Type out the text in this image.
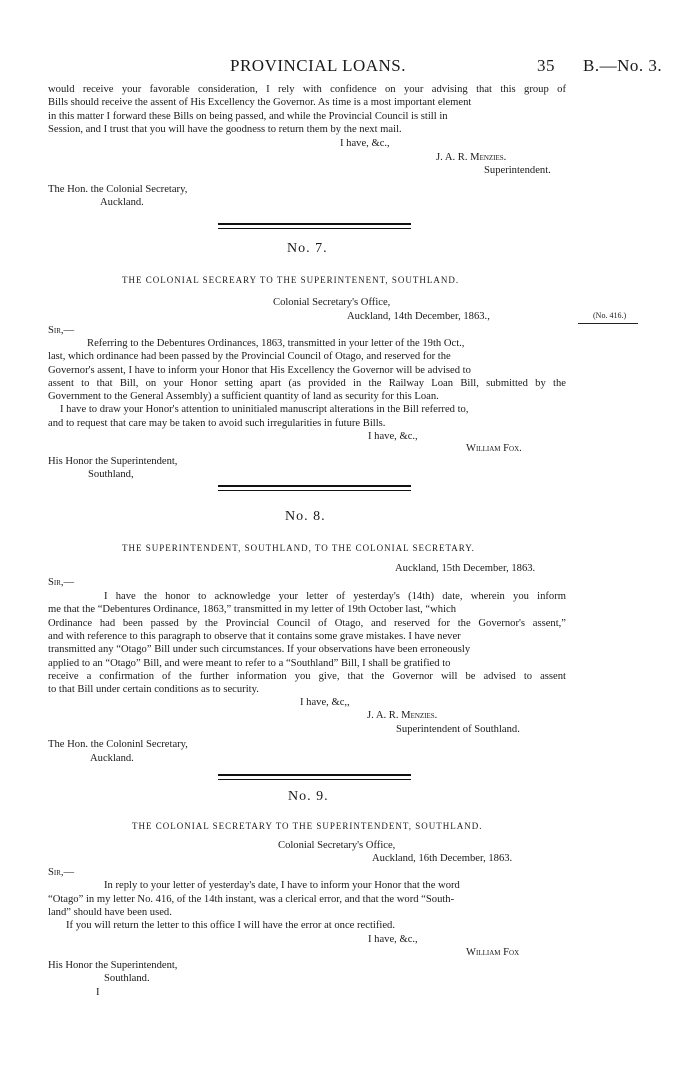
PROVINCIAL LOANS.	35 B.—No. 3.
would receive your favorable consideration, I rely with confidence on your advising that this group of
Bills should receive the assent of His Excellency the Governor. As time is a most important element
in this matter I forward these Bills on being passed, and while the Provincial Council is still in
Session, and I trust that you will have the goodness to return them by the next mail.
I have, &c.,
J. A. R. Menzies.
Superintendent.
The Hon. the Colonial Secretary,
Auckland.
No. 7.
THE COLONIAL SECREARY TO THE SUPERINTENENT, SOUTHLAND.
Colonial Secretary's Office,
Auckland, 14th December, 1863.,	(No. 416.)
Sir,—
Referring to the Debentures Ordinances, 1863, transmitted in your letter of the 19th Oct.,
last, which ordinance had been passed by the Provincial Council of Otago, and reserved for the
Governor's assent, I have to inform your Honor that His Excellency the Governor will be advised to
assent to that Bill, on your Honor setting apart (as provided in the Railway Loan Bill, submitted by the
Government to the General Assembly) a sufficient quantity of land as security for this Loan.
I have to draw your Honor's attention to uninitialed manuscript alterations in the Bill referred to,
and to request that care may be taken to avoid such irregularities in future Bills.
I have, &c.,
William Fox.
His Honor the Superintendent,
Southland,
No. 8.
THE SUPERINTENDENT, SOUTHLAND, TO THE COLONIAL SECRETARY.
Auckland, 15th December, 1863.
Sir,—
I have the honor to acknowledge your letter of yesterday's (14th) date, wherein you inform
me that the “Debentures Ordinance, 1863,” transmitted in my letter of 19th October last, “which
Ordinance had been passed by the Provincial Council of Otago, and reserved for the Governor's assent,”
and with reference to this paragraph to observe that it contains some grave mistakes. I have never
transmitted any “Otago” Bill under such circumstances. If your observations have been erroneously
applied to an “Otago” Bill, and were meant to refer to a “Southland” Bill, I shall be gratified to
receive a confirmation of the further information you give, that the Governor will be advised to assent
to that Bill under certain conditions as to security.
I have, &c,,
J. A. R. Menzies.
Superintendent of Southland.
The Hon. the Coloninl Secretary,
Auckland.
No. 9.
THE COLONIAL SECRETARY TO THE SUPERINTENDENT, SOUTHLAND.
Colonial Secretary's Office,
Auckland, 16th December, 1863.
Sir,—
In reply to your letter of yesterday's date, I have to inform your Honor that the word
“Otago” in my letter No. 416, of the 14th instant, was a clerical error, and that the word “South-
land” should have been used.
If you will return the letter to this office I will have the error at once rectified.
I have, &c.,
William Fox
His Honor the Superintendent,
Southland.
I
